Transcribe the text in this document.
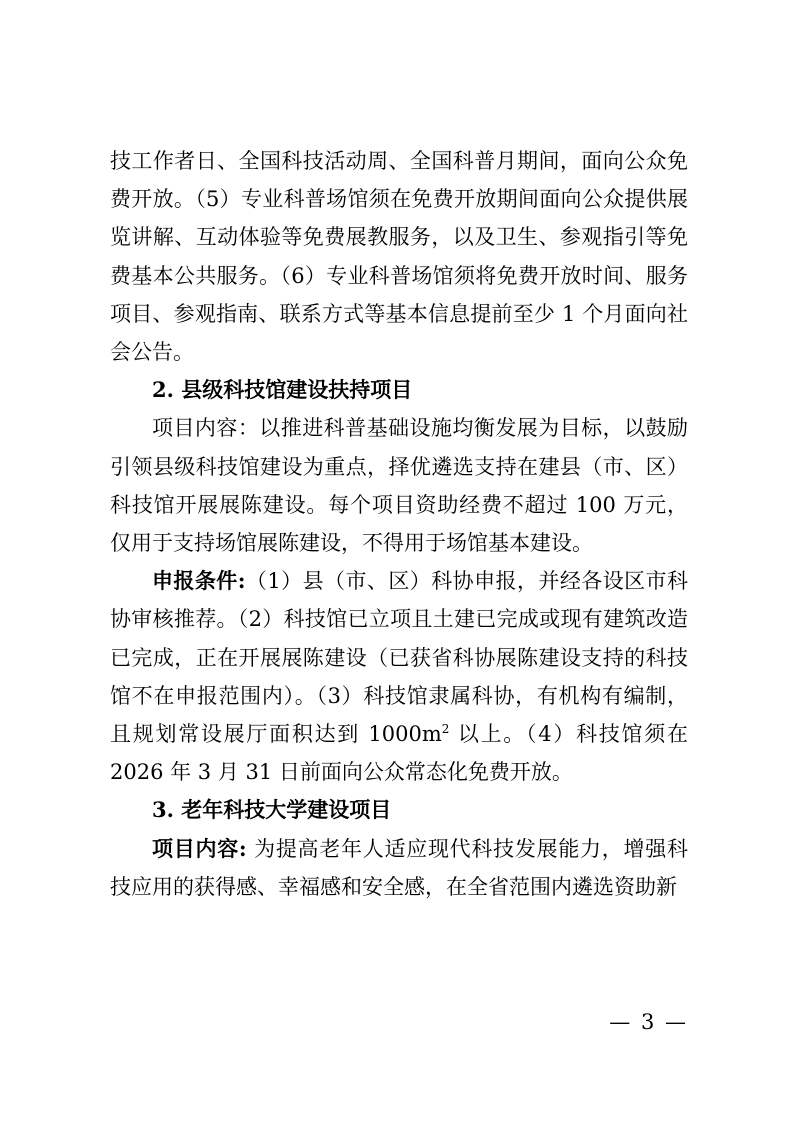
技工作者日、全国科技活动周、全国科普月期间，面向公众免费开放。（5）专业科普场馆须在免费开放期间面向公众提供展览讲解、互动体验等免费展教服务，以及卫生、参观指引等免费基本公共服务。（6）专业科普场馆须将免费开放时间、服务项目、参观指南、联系方式等基本信息提前至少 1 个月面向社会公告。

2. 县级科技馆建设扶持项目

项目内容：以推进科普基础设施均衡发展为目标，以鼓励引领县级科技馆建设为重点，择优遴选支持在建县（市、区）科技馆开展展陈建设。每个项目资助经费不超过 100 万元，仅用于支持场馆展陈建设，不得用于场馆基本建设。

申报条件:（1）县（市、区）科协申报，并经各设区市科协审核推荐。（2）科技馆已立项且土建已完成或现有建筑改造已完成，正在开展展陈建设（已获省科协展陈建设支持的科技馆不在申报范围内）。（3）科技馆隶属科协，有机构有编制，且规划常设展厅面积达到 $1000m^2$ 以上。（4）科技馆须在 2026 年 3 月 31 日前面向公众常态化免费开放。

3. 老年科技大学建设项目

项目内容: 为提高老年人适应现代科技发展能力，增强科技应用的获得感、幸福感和安全感，在全省范围内遴选资助新

— 3 —
